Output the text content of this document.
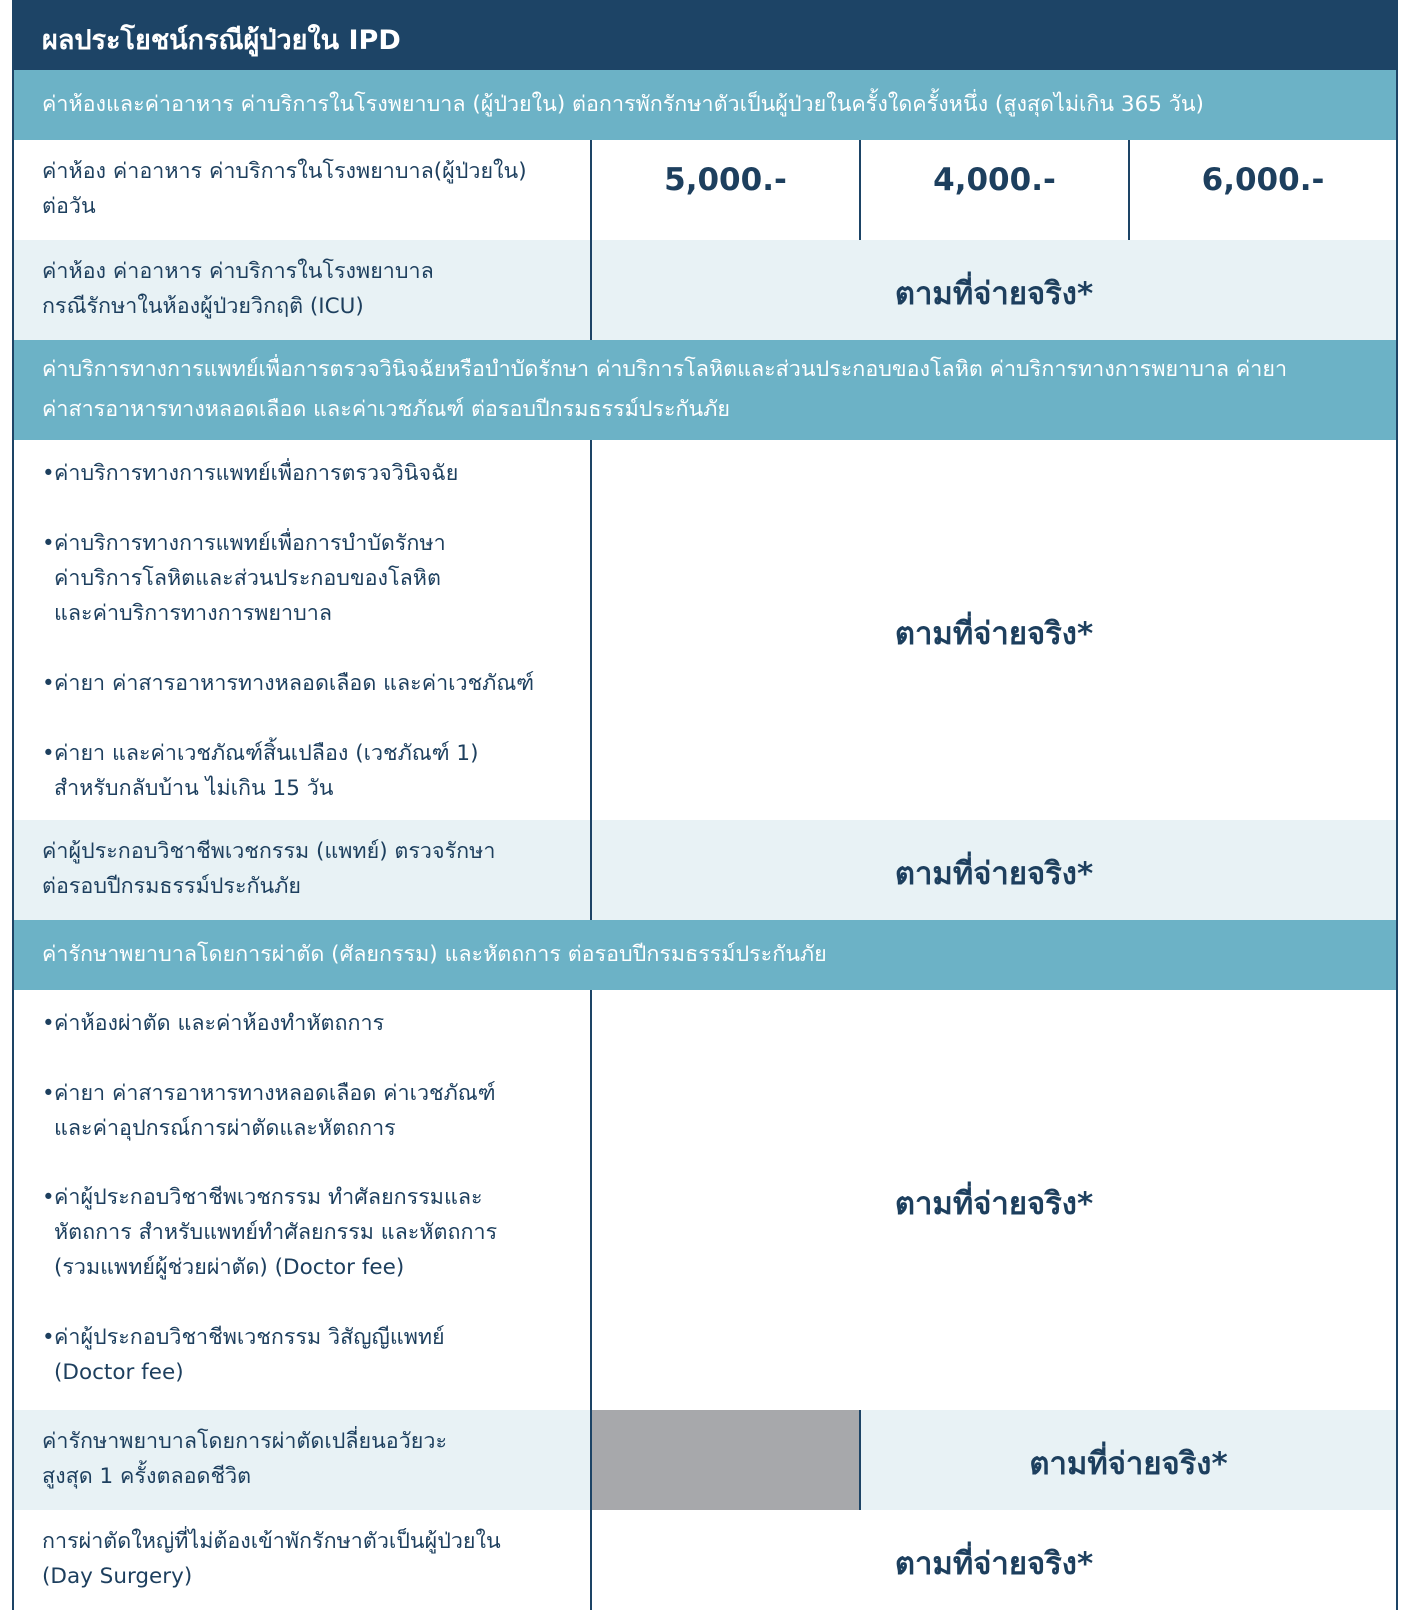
ผลประโยชน์กรณีผู้ป่วยใน IPD
ค่าห้องและค่าอาหาร ค่าบริการในโรงพยาบาล (ผู้ป่วยใน) ต่อการพักรักษาตัวเป็นผู้ป่วยในครั้งใดครั้งหนึ่ง (สูงสุดไม่เกิน 365 วัน)
ค่าห้อง ค่าอาหาร ค่าบริการในโรงพยาบาล(ผู้ป่วยใน)
ต่อวัน
5,000.-	4,000.-	6,000.-
ค่าห้อง ค่าอาหาร ค่าบริการในโรงพยาบาล
กรณีรักษาในห้องผู้ป่วยวิกฤติ (ICU)	ตามที่จ่ายจริง*
ค่าบริการทางการแพทย์เพื่อการตรวจวินิจฉัยหรือบำบัดรักษา ค่าบริการโลหิตและส่วนประกอบของโลหิต ค่าบริการทางการพยาบาล ค่ายา
ค่าสารอาหารทางหลอดเลือด และค่าเวชภัณฑ์ ต่อรอบปีกรมธรรม์ประกันภัย
• ค่าบริการทางการแพทย์เพื่อการตรวจวินิจฉัย
• ค่าบริการทางการแพทย์เพื่อการบำบัดรักษา
ค่าบริการโลหิตและส่วนประกอบของโลหิต
และค่าบริการทางการพยาบาล
• ค่ายา ค่าสารอาหารทางหลอดเลือด และค่าเวชภัณฑ์
• ค่ายา และค่าเวชภัณฑ์สิ้นเปลือง (เวชภัณฑ์ 1)
สำหรับกลับบ้าน ไม่เกิน 15 วัน
ตามที่จ่ายจริง*
ค่าผู้ประกอบวิชาชีพเวชกรรม (แพทย์) ตรวจรักษา
ต่อรอบปีกรมธรรม์ประกันภัย	ตามที่จ่ายจริง*
ค่ารักษาพยาบาลโดยการผ่าตัด (ศัลยกรรม) และหัตถการ ต่อรอบปีกรมธรรม์ประกันภัย
• ค่าห้องผ่าตัด และค่าห้องทำหัตถการ
• ค่ายา ค่าสารอาหารทางหลอดเลือด ค่าเวชภัณฑ์
และค่าอุปกรณ์การผ่าตัดและหัตถการ
• ค่าผู้ประกอบวิชาชีพเวชกรรม ทำศัลยกรรมและ
หัตถการ สำหรับแพทย์ทำศัลยกรรม และหัตถการ
(รวมแพทย์ผู้ช่วยผ่าตัด) (Doctor fee)
• ค่าผู้ประกอบวิชาชีพเวชกรรม วิสัญญีแพทย์
(Doctor fee)
ตามที่จ่ายจริง*
ค่ารักษาพยาบาลโดยการผ่าตัดเปลี่ยนอวัยวะ
สูงสุด 1 ครั้งตลอดชีวิต	ตามที่จ่ายจริง*
การผ่าตัดใหญ่ที่ไม่ต้องเข้าพักรักษาตัวเป็นผู้ป่วยใน
(Day Surgery)	ตามที่จ่ายจริง*
